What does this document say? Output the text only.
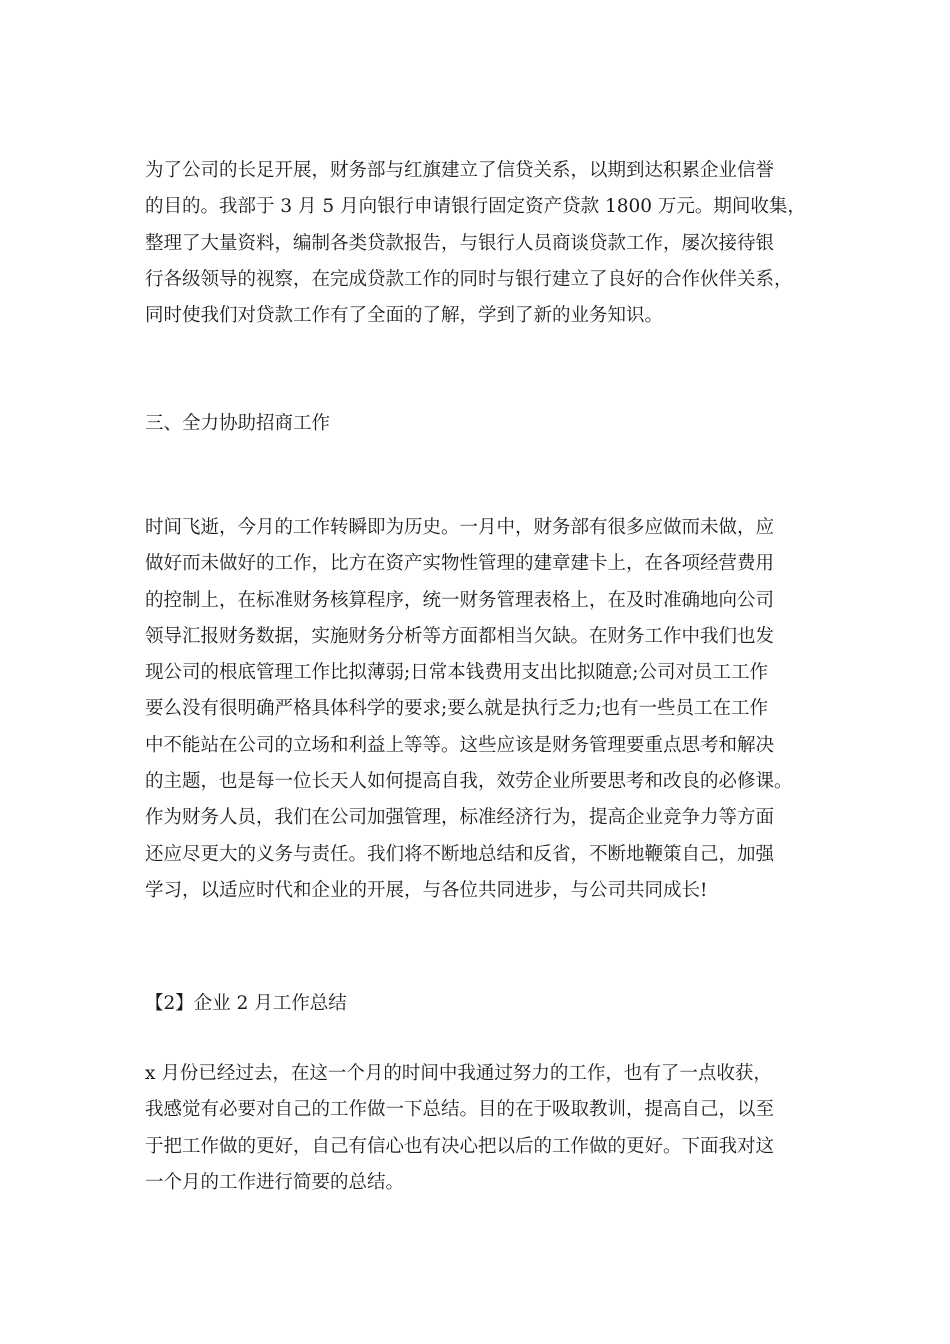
为了公司的长足开展，财务部与红旗建立了信贷关系，以期到达积累企业信誉
的目的。我部于 3 月 5 月向银行申请银行固定资产贷款 1800 万元。期间收集，
整理了大量资料，编制各类贷款报告，与银行人员商谈贷款工作，屡次接待银
行各级领导的视察，在完成贷款工作的同时与银行建立了良好的合作伙伴关系，
同时使我们对贷款工作有了全面的了解，学到了新的业务知识。

三、全力协助招商工作

时间飞逝，今月的工作转瞬即为历史。一月中，财务部有很多应做而未做，应
做好而未做好的工作，比方在资产实物性管理的建章建卡上，在各项经营费用
的控制上，在标准财务核算程序，统一财务管理表格上，在及时准确地向公司
领导汇报财务数据，实施财务分析等方面都相当欠缺。在财务工作中我们也发
现公司的根底管理工作比拟薄弱;日常本钱费用支出比拟随意;公司对员工工作
要么没有很明确严格具体科学的要求;要么就是执行乏力;也有一些员工在工作
中不能站在公司的立场和利益上等等。这些应该是财务管理要重点思考和解决
的主题，也是每一位长天人如何提高自我，效劳企业所要思考和改良的必修课。
作为财务人员，我们在公司加强管理，标准经济行为，提高企业竞争力等方面
还应尽更大的义务与责任。我们将不断地总结和反省，不断地鞭策自己，加强
学习，以适应时代和企业的开展，与各位共同进步，与公司共同成长!

【2】企业 2 月工作总结

x 月份已经过去，在这一个月的时间中我通过努力的工作，也有了一点收获，
我感觉有必要对自己的工作做一下总结。目的在于吸取教训，提高自己，以至
于把工作做的更好，自己有信心也有决心把以后的工作做的更好。下面我对这
一个月的工作进行简要的总结。
